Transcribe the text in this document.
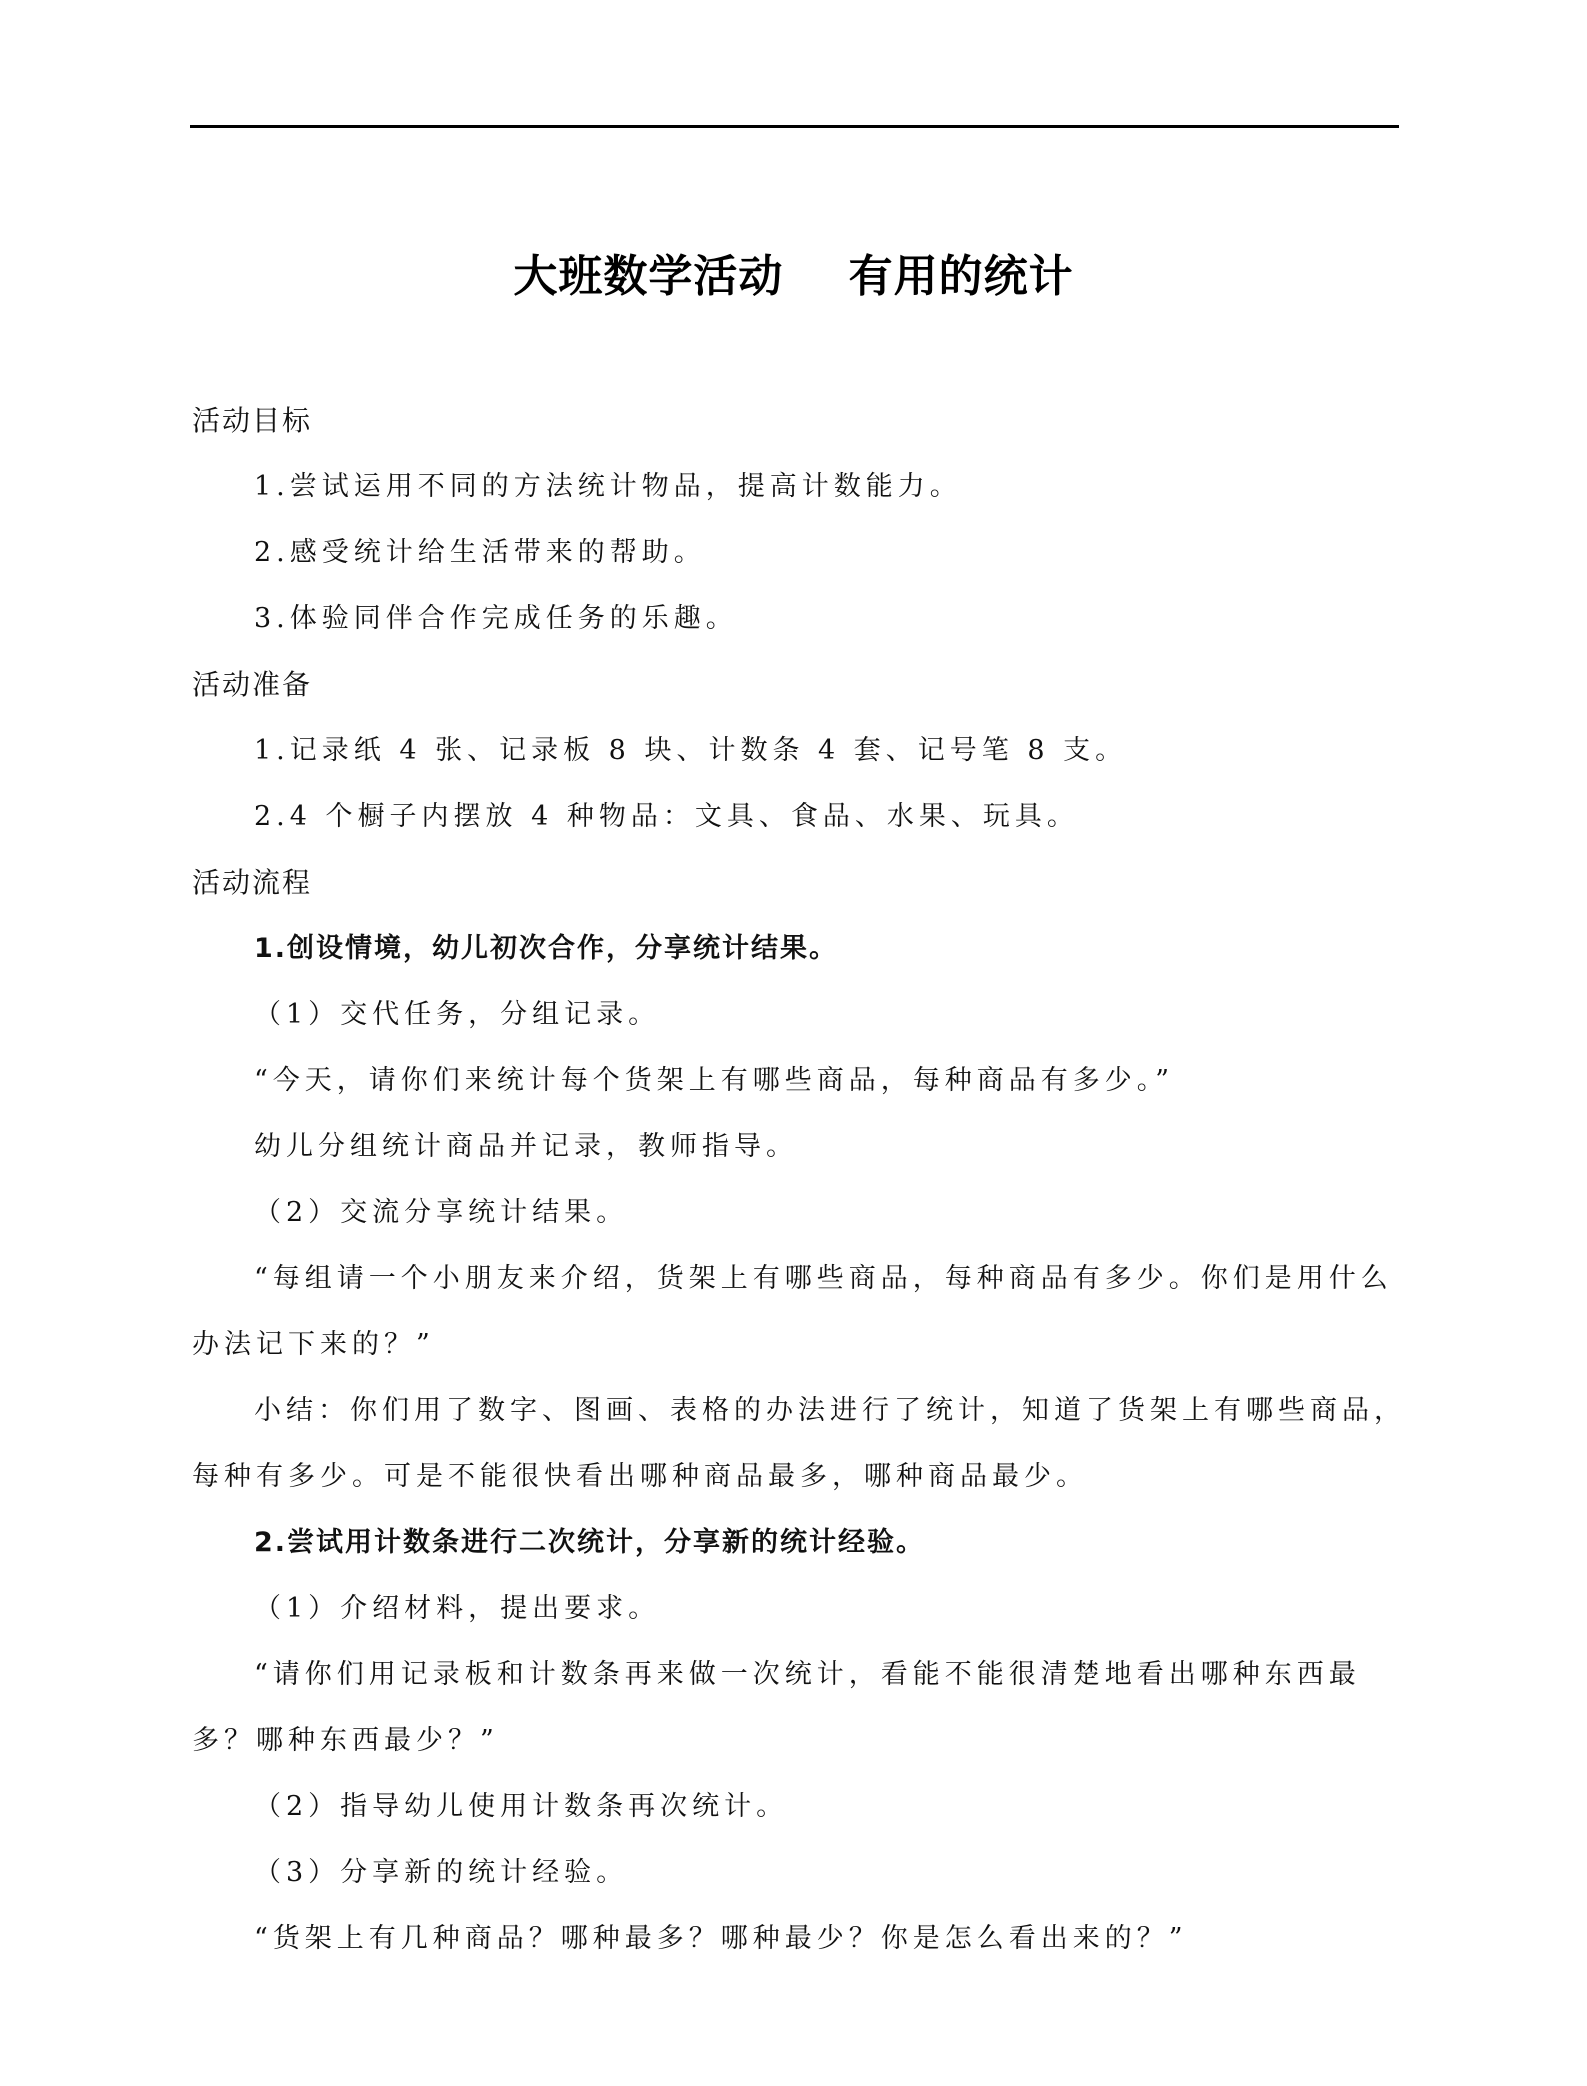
大班数学活动    有用的统计
活动目标
1.尝试运用不同的方法统计物品，提高计数能力。
2.感受统计给生活带来的帮助。
3.体验同伴合作完成任务的乐趣。
活动准备
1.记录纸 4 张、记录板 8 块、计数条 4 套、记号笔 8 支。
2.4 个橱子内摆放 4 种物品：文具、食品、水果、玩具。
活动流程
1.创设情境，幼儿初次合作，分享统计结果。
（1）交代任务，分组记录。
“今天，请你们来统计每个货架上有哪些商品，每种商品有多少。”
幼儿分组统计商品并记录，教师指导。
（2）交流分享统计结果。
“每组请一个小朋友来介绍，货架上有哪些商品，每种商品有多少。你们是用什么
办法记下来的？”
小结：你们用了数字、图画、表格的办法进行了统计，知道了货架上有哪些商品，
每种有多少。可是不能很快看出哪种商品最多，哪种商品最少。
2.尝试用计数条进行二次统计，分享新的统计经验。
（1）介绍材料，提出要求。
“请你们用记录板和计数条再来做一次统计，看能不能很清楚地看出哪种东西最
多？哪种东西最少？”
（2）指导幼儿使用计数条再次统计。
（3）分享新的统计经验。
“货架上有几种商品？哪种最多？哪种最少？你是怎么看出来的？”
